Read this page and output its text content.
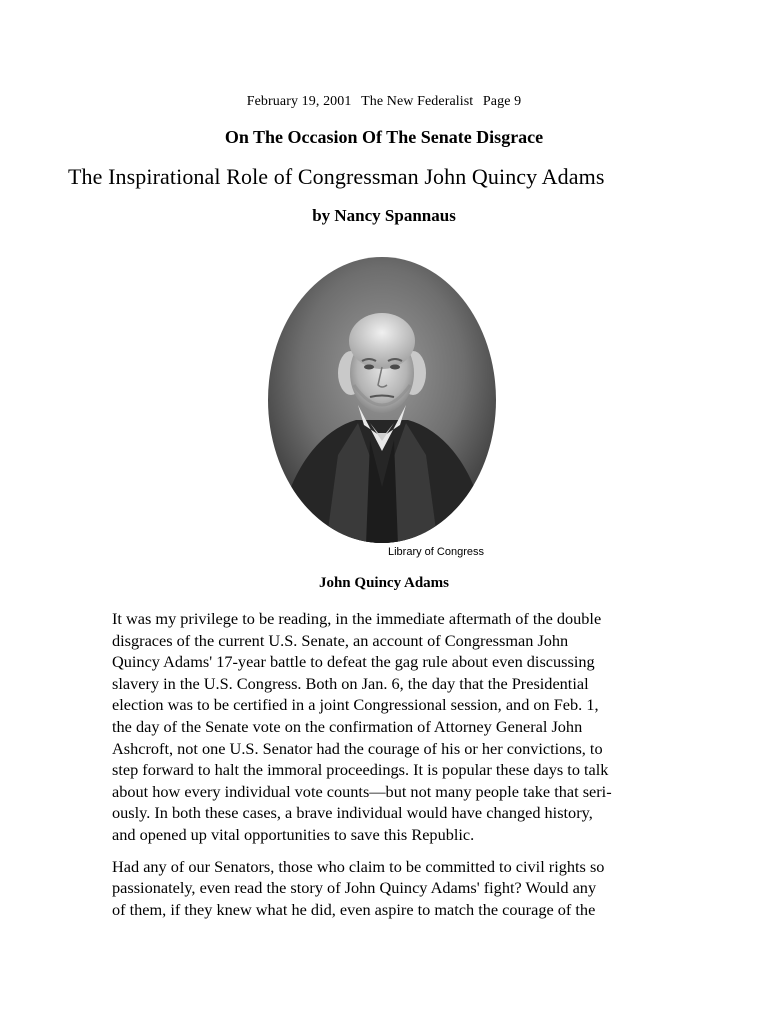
February 19, 2001 The New Federalist Page 9
On The Occasion Of The Senate Disgrace
The Inspirational Role of Congressman John Quincy Adams
by Nancy Spannaus
Library of Congress
John Quincy Adams

It was my privilege to be reading, in the immediate aftermath of the double
disgraces of the current U.S. Senate, an account of Congressman John
Quincy Adams' 17-year battle to defeat the gag rule about even discussing
slavery in the U.S. Congress. Both on Jan. 6, the day that the Presidential
election was to be certified in a joint Congressional session, and on Feb. 1,
the day of the Senate vote on the confirmation of Attorney General John
Ashcroft, not one U.S. Senator had the courage of his or her convictions, to
step forward to halt the immoral proceedings. It is popular these days to talk
about how every individual vote counts—but not many people take that seri-
ously. In both these cases, a brave individual would have changed history,
and opened up vital opportunities to save this Republic.

Had any of our Senators, those who claim to be committed to civil rights so
passionately, even read the story of John Quincy Adams' fight? Would any
of them, if they knew what he did, even aspire to match the courage of the
